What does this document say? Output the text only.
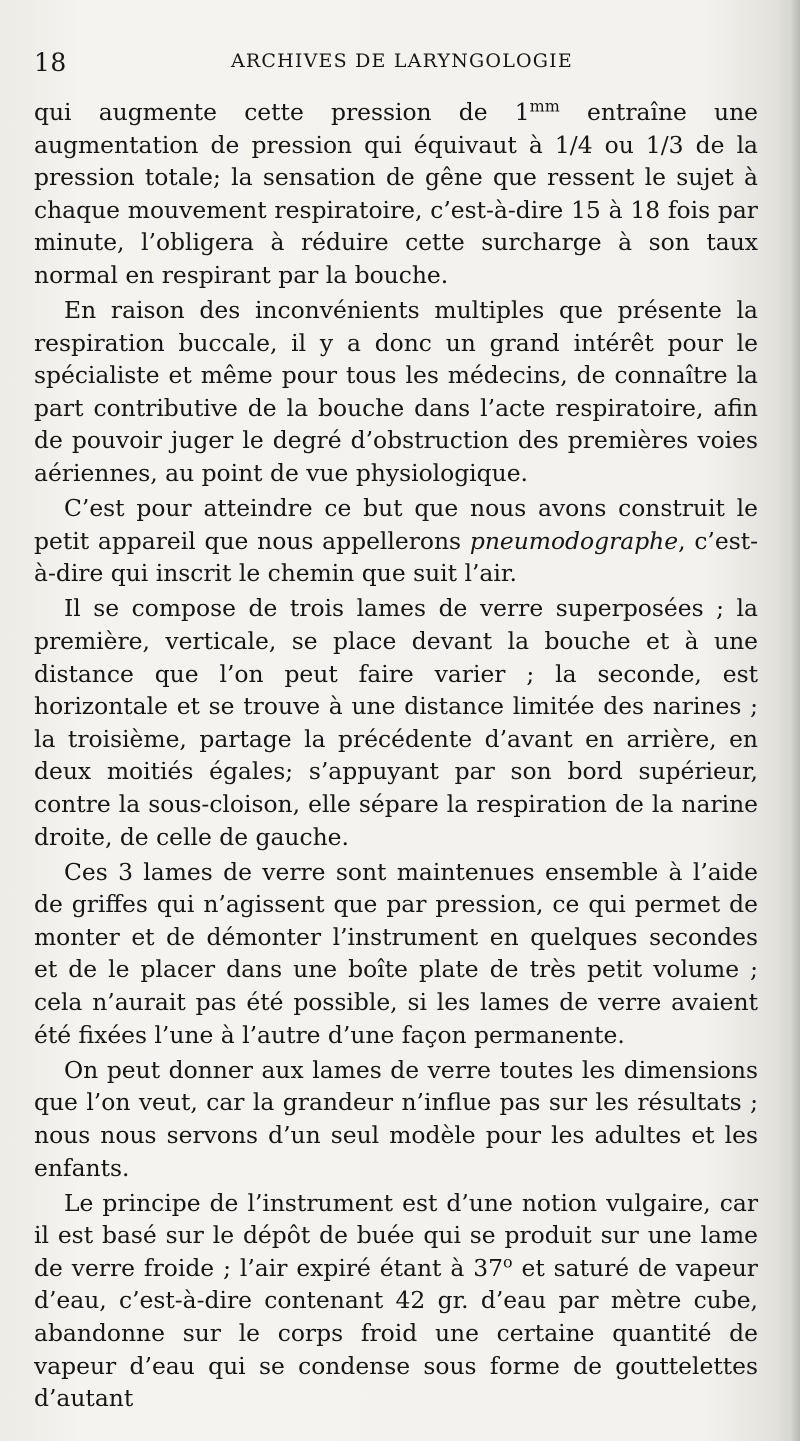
18	ARCHIVES DE LARYNGOLOGIE

qui augmente cette pression de $1^{mm}$ entraîne une augmentation de pression qui équivaut à 1/4 ou 1/3 de la pression totale; la sensation de gêne que ressent le sujet à chaque mouvement respiratoire, c’est-à-dire 15 à 18 fois par minute, l’obligera à réduire cette surcharge à son taux normal en respirant par la bouche.

En raison des inconvénients multiples que présente la respiration buccale, il y a donc un grand intérêt pour le spécialiste et même pour tous les médecins, de connaître la part contributive de la bouche dans l’acte respiratoire, afin de pouvoir juger le degré d’obstruction des premières voies aériennes, au point de vue physiologique.

C’est pour atteindre ce but que nous avons construit le petit appareil que nous appellerons pneumodographe, c’est-à-dire qui inscrit le chemin que suit l’air.

Il se compose de trois lames de verre superposées ; la première, verticale, se place devant la bouche et à une distance que l’on peut faire varier ; la seconde, est horizontale et se trouve à une distance limitée des narines ; la troisième, partage la précédente d’avant en arrière, en deux moitiés égales; s’appuyant par son bord supérieur, contre la sous-cloison, elle sépare la respiration de la narine droite, de celle de gauche.

Ces 3 lames de verre sont maintenues ensemble à l’aide de griffes qui n’agissent que par pression, ce qui permet de monter et de démonter l’instrument en quelques secondes et de le placer dans une boîte plate de très petit volume ; cela n’aurait pas été possible, si les lames de verre avaient été fixées l’une à l’autre d’une façon permanente.

On peut donner aux lames de verre toutes les dimensions que l’on veut, car la grandeur n’influe pas sur les résultats ; nous nous servons d’un seul modèle pour les adultes et les enfants.

Le principe de l’instrument est d’une notion vulgaire, car il est basé sur le dépôt de buée qui se produit sur une lame de verre froide ; l’air expiré étant à 37$^o$ et saturé de vapeur d’eau, c’est-à-dire contenant 42 gr. d’eau par mètre cube, abandonne sur le corps froid une certaine quantité de vapeur d’eau qui se condense sous forme de gouttelettes d’autant
